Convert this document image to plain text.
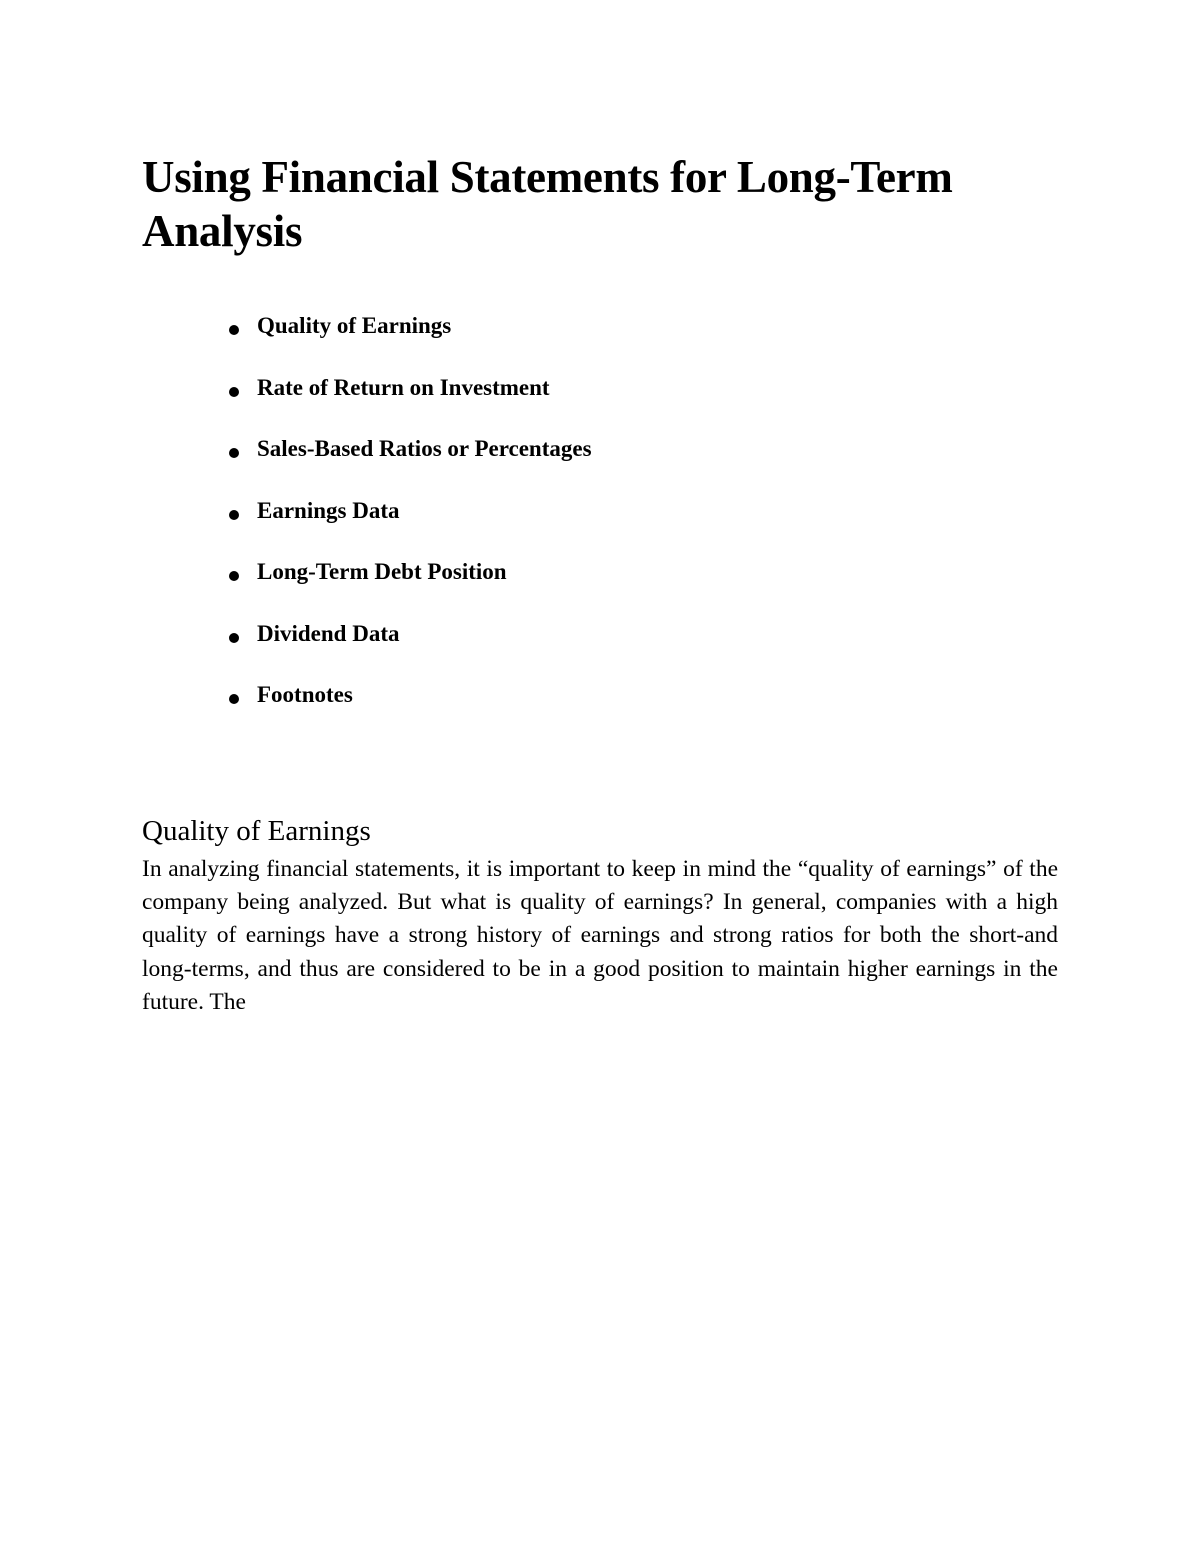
Using Financial Statements for Long-Term Analysis
Quality of Earnings
Rate of Return on Investment
Sales-Based Ratios or Percentages
Earnings Data
Long-Term Debt Position
Dividend Data
Footnotes
Quality of Earnings

In analyzing financial statements, it is important to keep in mind the “quality of earnings” of the company being analyzed. But what is quality of earnings? In general, companies with a high quality of earnings have a strong history of earnings and strong ratios for both the short-and long-terms, and thus are considered to be in a good position to maintain higher earnings in the future. The
